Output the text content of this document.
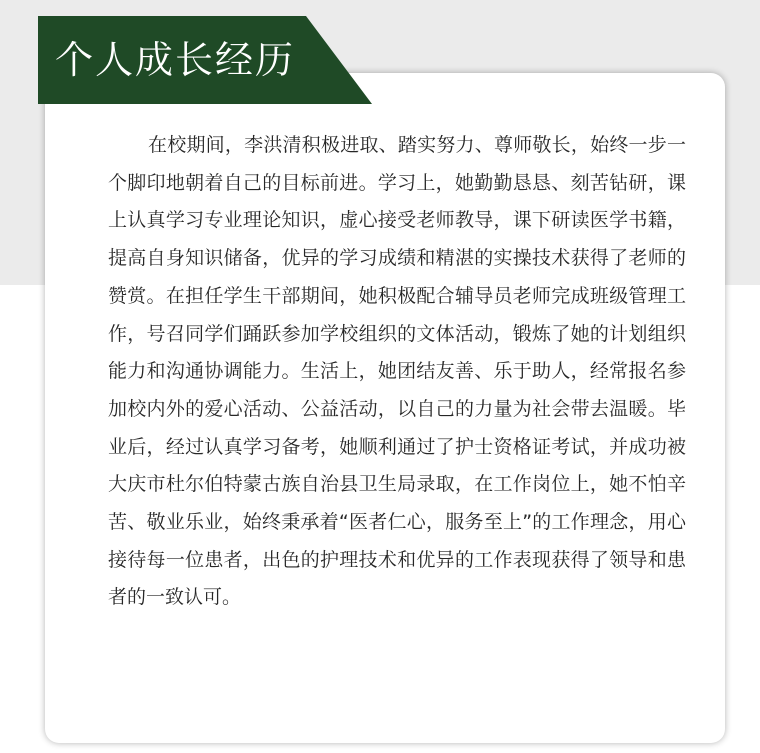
个人成长经历

在校期间，李洪清积极进取、踏实努力、尊师敬长，始终一步一个脚印地朝着自己的目标前进。学习上，她勤勤恳恳、刻苦钻研，课上认真学习专业理论知识，虚心接受老师教导，课下研读医学书籍，提高自身知识储备，优异的学习成绩和精湛的实操技术获得了老师的赞赏。在担任学生干部期间，她积极配合辅导员老师完成班级管理工作，号召同学们踊跃参加学校组织的文体活动，锻炼了她的计划组织能力和沟通协调能力。生活上，她团结友善、乐于助人，经常报名参加校内外的爱心活动、公益活动，以自己的力量为社会带去温暖。毕业后，经过认真学习备考，她顺利通过了护士资格证考试，并成功被大庆市杜尔伯特蒙古族自治县卫生局录取，在工作岗位上，她不怕辛苦、敬业乐业，始终秉承着“医者仁心，服务至上”的工作理念，用心接待每一位患者，出色的护理技术和优异的工作表现获得了领导和患者的一致认可。
